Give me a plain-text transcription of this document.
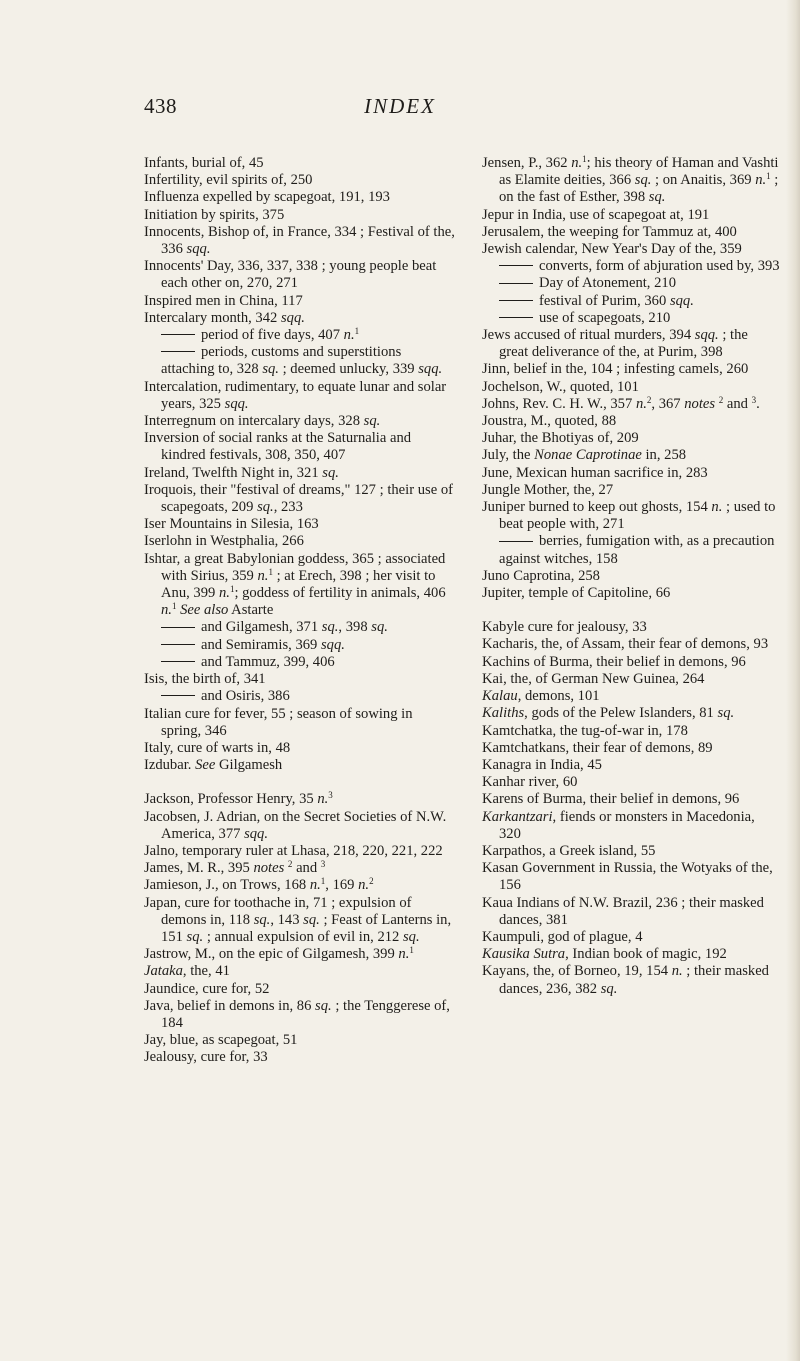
438	INDEX

Infants, burial of, 45

Infertility, evil spirits of, 250

Influenza expelled by scapegoat, 191, 193

Initiation by spirits, 375

Innocents, Bishop of, in France, 334 ; Festival of the, 336 sqq.

Innocents' Day, 336, 337, 338 ; young people beat each other on, 270, 271

Inspired men in China, 117

Intercalary month, 342 sqq.

period of five days, 407 n.$^1$

periods, customs and superstitions attaching to, 328 sq. ; deemed unlucky, 339 sqq.

Intercalation, rudimentary, to equate lunar and solar years, 325 sqq.

Interregnum on intercalary days, 328 sq.

Inversion of social ranks at the Saturnalia and kindred festivals, 308, 350, 407

Ireland, Twelfth Night in, 321 sq.

Iroquois, their "festival of dreams," 127 ; their use of scapegoats, 209 sq., 233

Iser Mountains in Silesia, 163

Iserlohn in Westphalia, 266

Ishtar, a great Babylonian goddess, 365 ; associated with Sirius, 359 n.$^1$ ; at Erech, 398 ; her visit to Anu, 399 n.$^1$; goddess of fertility in animals, 406 n.$^1$ See also Astarte

and Gilgamesh, 371 sq., 398 sq.

and Semiramis, 369 sqq.

and Tammuz, 399, 406

Isis, the birth of, 341

and Osiris, 386

Italian cure for fever, 55 ; season of sowing in spring, 346

Italy, cure of warts in, 48

Izdubar. See Gilgamesh

Jackson, Professor Henry, 35 n.$^3$

Jacobsen, J. Adrian, on the Secret Societies of N.W. America, 377 sqq.

Jalno, temporary ruler at Lhasa, 218, 220, 221, 222

James, M. R., 395 notes $^2$ and $^3$

Jamieson, J., on Trows, 168 n.$^1$, 169 n.$^2$

Japan, cure for toothache in, 71 ; expulsion of demons in, 118 sq., 143 sq. ; Feast of Lanterns in, 151 sq. ; annual expulsion of evil in, 212 sq.

Jastrow, M., on the epic of Gilgamesh, 399 n.$^1$

Jataka, the, 41

Jaundice, cure for, 52

Java, belief in demons in, 86 sq. ; the Tenggerese of, 184

Jay, blue, as scapegoat, 51

Jealousy, cure for, 33

Jensen, P., 362 n.$^1$; his theory of Haman and Vashti as Elamite deities, 366 sq. ; on Anaitis, 369 n.$^1$ ; on the fast of Esther, 398 sq.

Jepur in India, use of scapegoat at, 191

Jerusalem, the weeping for Tammuz at, 400

Jewish calendar, New Year's Day of the, 359

converts, form of abjuration used by, 393

Day of Atonement, 210

festival of Purim, 360 sqq.

use of scapegoats, 210

Jews accused of ritual murders, 394 sqq. ; the great deliverance of the, at Purim, 398

Jinn, belief in the, 104 ; infesting camels, 260

Jochelson, W., quoted, 101

Johns, Rev. C. H. W., 357 n.$^2$, 367 notes $^2$ and $^3$.

Joustra, M., quoted, 88

Juhar, the Bhotiyas of, 209

July, the Nonae Caprotinae in, 258

June, Mexican human sacrifice in, 283

Jungle Mother, the, 27

Juniper burned to keep out ghosts, 154 n. ; used to beat people with, 271

berries, fumigation with, as a precaution against witches, 158

Juno Caprotina, 258

Jupiter, temple of Capitoline, 66

Kabyle cure for jealousy, 33

Kacharis, the, of Assam, their fear of demons, 93

Kachins of Burma, their belief in demons, 96

Kai, the, of German New Guinea, 264

Kalau, demons, 101

Kaliths, gods of the Pelew Islanders, 81 sq.

Kamtchatka, the tug-of-war in, 178

Kamtchatkans, their fear of demons, 89

Kanagra in India, 45

Kanhar river, 60

Karens of Burma, their belief in demons, 96

Karkantzari, fiends or monsters in Macedonia, 320

Karpathos, a Greek island, 55

Kasan Government in Russia, the Wotyaks of the, 156

Kaua Indians of N.W. Brazil, 236 ; their masked dances, 381

Kaumpuli, god of plague, 4

Kausika Sutra, Indian book of magic, 192

Kayans, the, of Borneo, 19, 154 n. ; their masked dances, 236, 382 sq.
